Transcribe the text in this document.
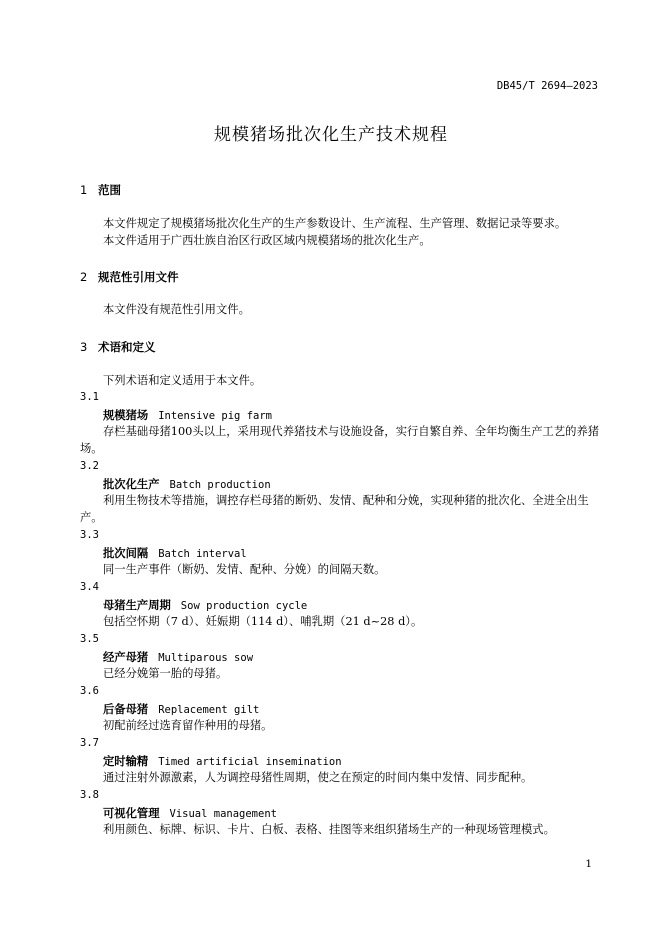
DB45/T 2694—2023
规模猪场批次化生产技术规程
1 范围
本文件规定了规模猪场批次化生产的生产参数设计、生产流程、生产管理、数据记录等要求。
本文件适用于广西壮族自治区行政区域内规模猪场的批次化生产。
2 规范性引用文件
本文件没有规范性引用文件。
3 术语和定义
下列术语和定义适用于本文件。
3.1
规模猪场 Intensive pig farm
存栏基础母猪100头以上，采用现代养猪技术与设施设备，实行自繁自养、全年均衡生产工艺的养猪场。
3.2
批次化生产 Batch production
利用生物技术等措施，调控存栏母猪的断奶、发情、配种和分娩，实现种猪的批次化、全进全出生产。
3.3
批次间隔 Batch interval
同一生产事件（断奶、发情、配种、分娩）的间隔天数。
3.4
母猪生产周期 Sow production cycle
包括空怀期（7 d）、妊娠期（114 d）、哺乳期（21 d~28 d）。
3.5
经产母猪 Multiparous sow
已经分娩第一胎的母猪。
3.6
后备母猪 Replacement gilt
初配前经过选育留作种用的母猪。
3.7
定时输精 Timed artificial insemination
通过注射外源激素，人为调控母猪性周期，使之在预定的时间内集中发情、同步配种。
3.8
可视化管理 Visual management
利用颜色、标牌、标识、卡片、白板、表格、挂图等来组织猪场生产的一种现场管理模式。
1
